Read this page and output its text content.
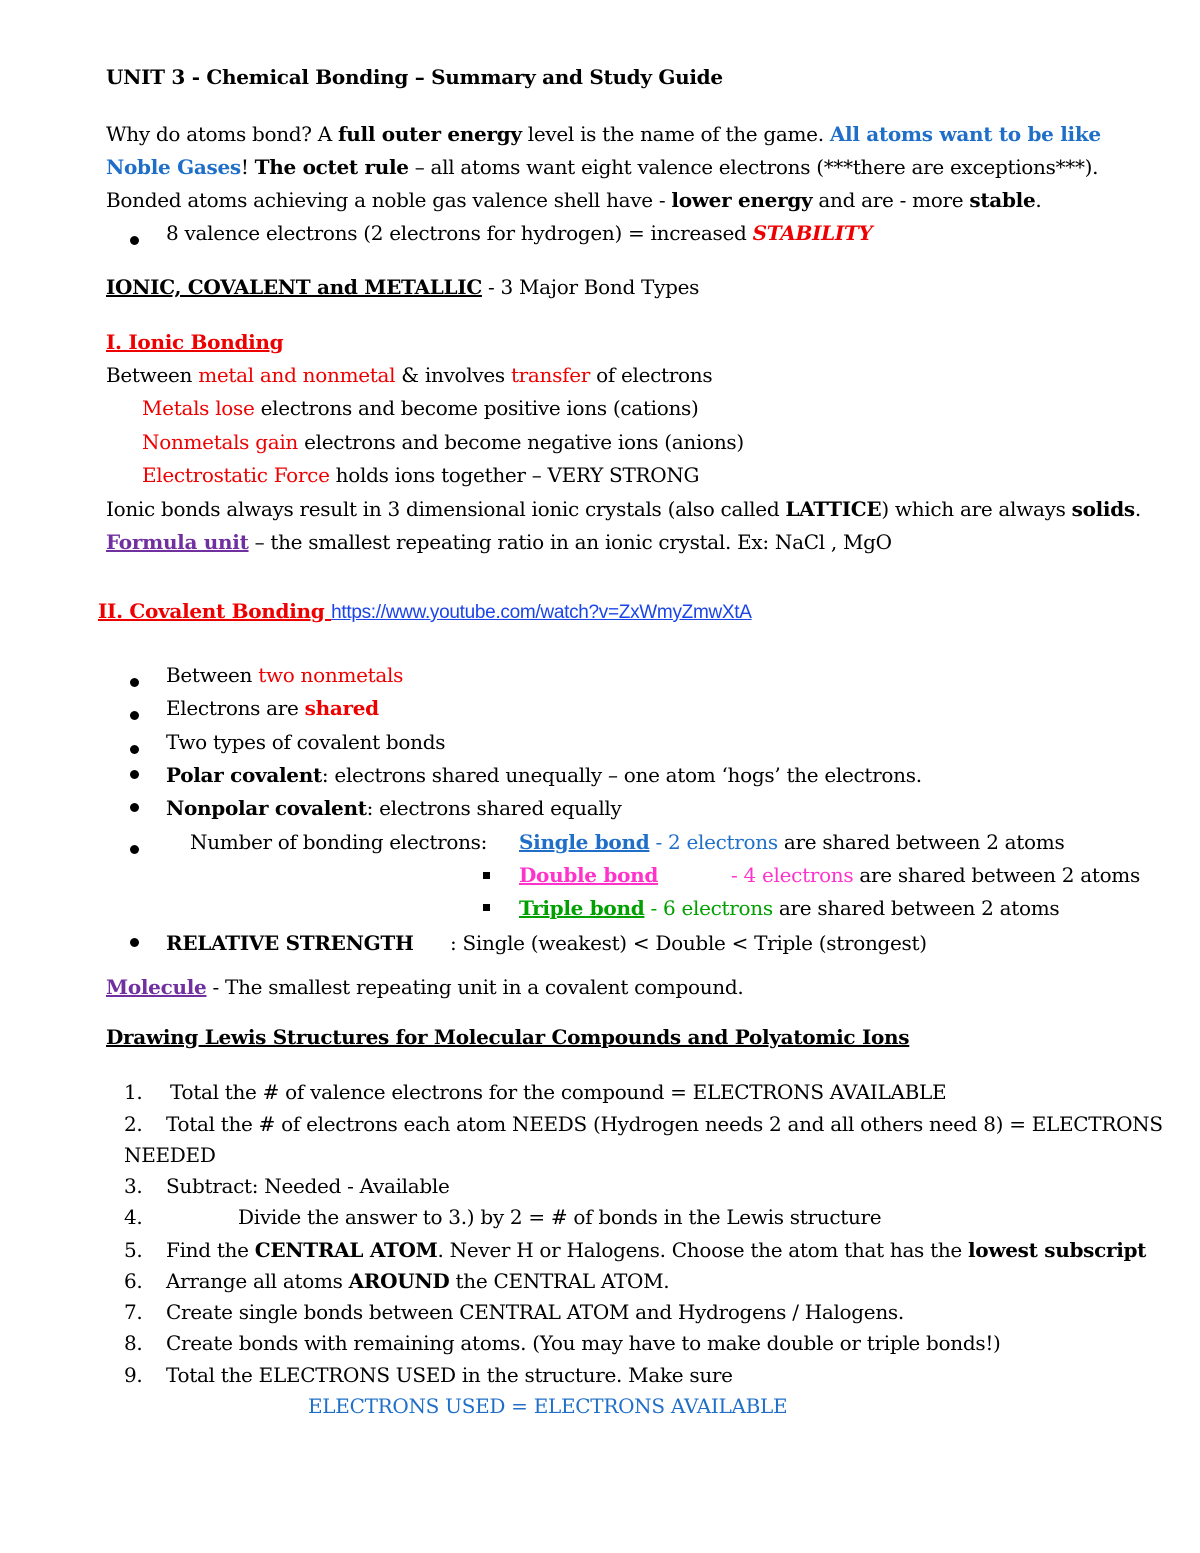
UNIT 3 - Chemical Bonding – Summary and Study Guide
Why do atoms bond? A full outer energy level is the name of the game. All atoms want to be like
Noble Gases! The octet rule – all atoms want eight valence electrons (***there are exceptions***).
Bonded atoms achieving a noble gas valence shell have - lower energy and are - more stable.
8 valence electrons (2 electrons for hydrogen) = increased STABILITY
IONIC, COVALENT and METALLIC - 3 Major Bond Types
I. Ionic Bonding
Between metal and nonmetal & involves transfer of electrons
Metals lose electrons and become positive ions (cations)
Nonmetals gain electrons and become negative ions (anions)
Electrostatic Force holds ions together – VERY STRONG
Ionic bonds always result in 3 dimensional ionic crystals (also called LATTICE) which are always solids.
Formula unit – the smallest repeating ratio in an ionic crystal. Ex: NaCl , MgO
II. Covalent Bonding https://www.youtube.com/watch?v=ZxWmyZmwXtA
Between two nonmetals
Electrons are shared
Two types of covalent bonds
Polar covalent: electrons shared unequally – one atom ‘hogs’ the electrons.
Nonpolar covalent: electrons shared equally
Number of bonding electrons: Single bond - 2 electrons are shared between 2 atoms
Double bond	- 4 electrons are shared between 2 atoms
Triple bond - 6 electrons are shared between 2 atoms
RELATIVE STRENGTH : Single (weakest) < Double < Triple (strongest)
Molecule - The smallest repeating unit in a covalent compound.
Drawing Lewis Structures for Molecular Compounds and Polyatomic Ions
1. Total the # of valence electrons for the compound = ELECTRONS AVAILABLE
2. Total the # of electrons each atom NEEDS (Hydrogen needs 2 and all others need 8) = ELECTRONS
NEEDED
3. Subtract: Needed - Available
4.	Divide the answer to 3.) by 2 = # of bonds in the Lewis structure
5. Find the CENTRAL ATOM. Never H or Halogens. Choose the atom that has the lowest subscript
6. Arrange all atoms AROUND the CENTRAL ATOM.
7. Create single bonds between CENTRAL ATOM and Hydrogens / Halogens.
8. Create bonds with remaining atoms. (You may have to make double or triple bonds!)
9. Total the ELECTRONS USED in the structure. Make sure
ELECTRONS USED = ELECTRONS AVAILABLE
